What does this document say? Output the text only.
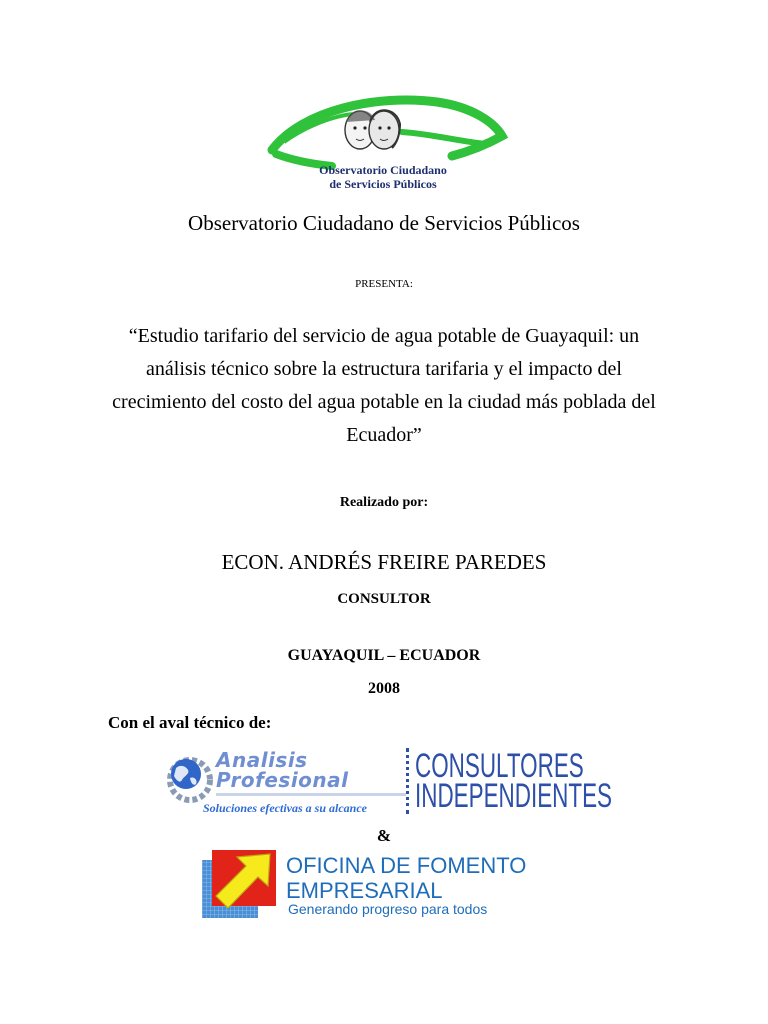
Observatorio Ciudadano
de Servicios Públicos
Observatorio Ciudadano de Servicios Públicos
PRESENTA:
“Estudio tarifario del servicio de agua potable de Guayaquil: un análisis técnico sobre la estructura tarifaria y el impacto del crecimiento del costo del agua potable en la ciudad más poblada del Ecuador”
Realizado por:
ECON. ANDRÉS FREIRE PAREDES
CONSULTOR
GUAYAQUIL – ECUADOR
2008
Con el aval técnico de:
Analisis
Profesional
Soluciones efectivas a su alcance
CONSULTORES
INDEPENDIENTES
&
OFICINA DE FOMENTO
EMPRESARIAL
Generando progreso para todos
